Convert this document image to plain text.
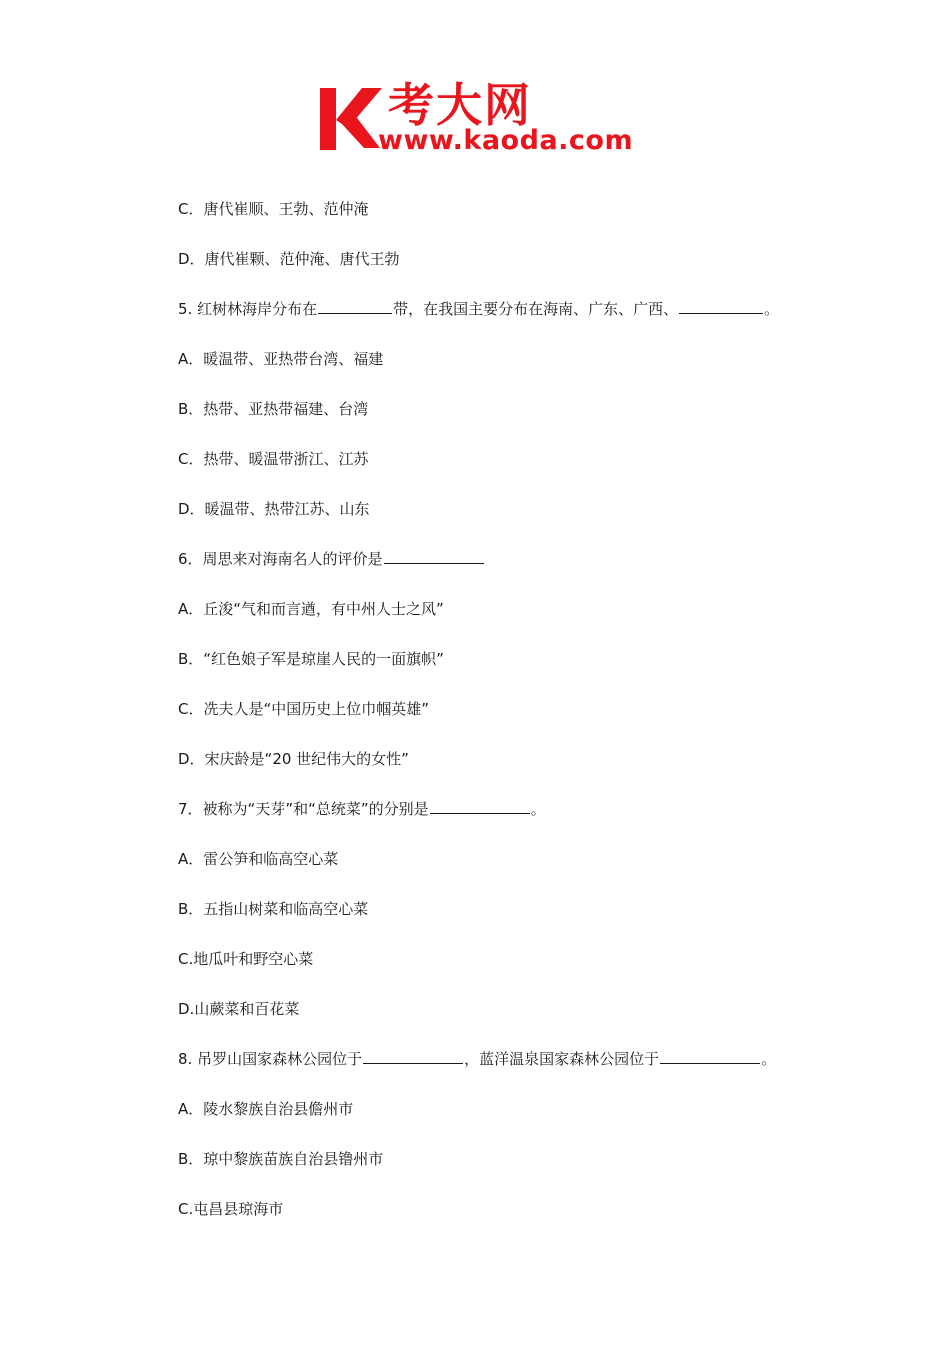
考大网
www.kaoda.com
C．唐代崔顺、王勃、范仲淹
D．唐代崔颗、范仲淹、唐代王勃
5. 红树林海岸分布在	带，在我国主要分布在海南、广东、广西、	。
A．暖温带、亚热带台湾、福建
B．热带、亚热带福建、台湾
C．热带、暖温带浙江、江苏
D．暖温带、热带江苏、山东
6．周思来对海南名人的评价是
A．丘浚“气和而言遒，有中州人士之风”
B．“红色娘子军是琼崖人民的一面旗帜”
C．冼夫人是“中国历史上位巾帼英雄”
D．宋庆龄是“20 世纪伟大的女性”
7．被称为“天芽”和“总统菜”的分别是	。
A．雷公笋和临高空心菜
B．五指山树菜和临高空心菜
C.地瓜叶和野空心菜
D.山蕨菜和百花菜
8. 吊罗山国家森林公园位于	，蓝洋温泉国家森林公园位于	。
A．陵水黎族自治县儋州市
B．琼中黎族苗族自治县镥州市
C.屯昌县琼海市
